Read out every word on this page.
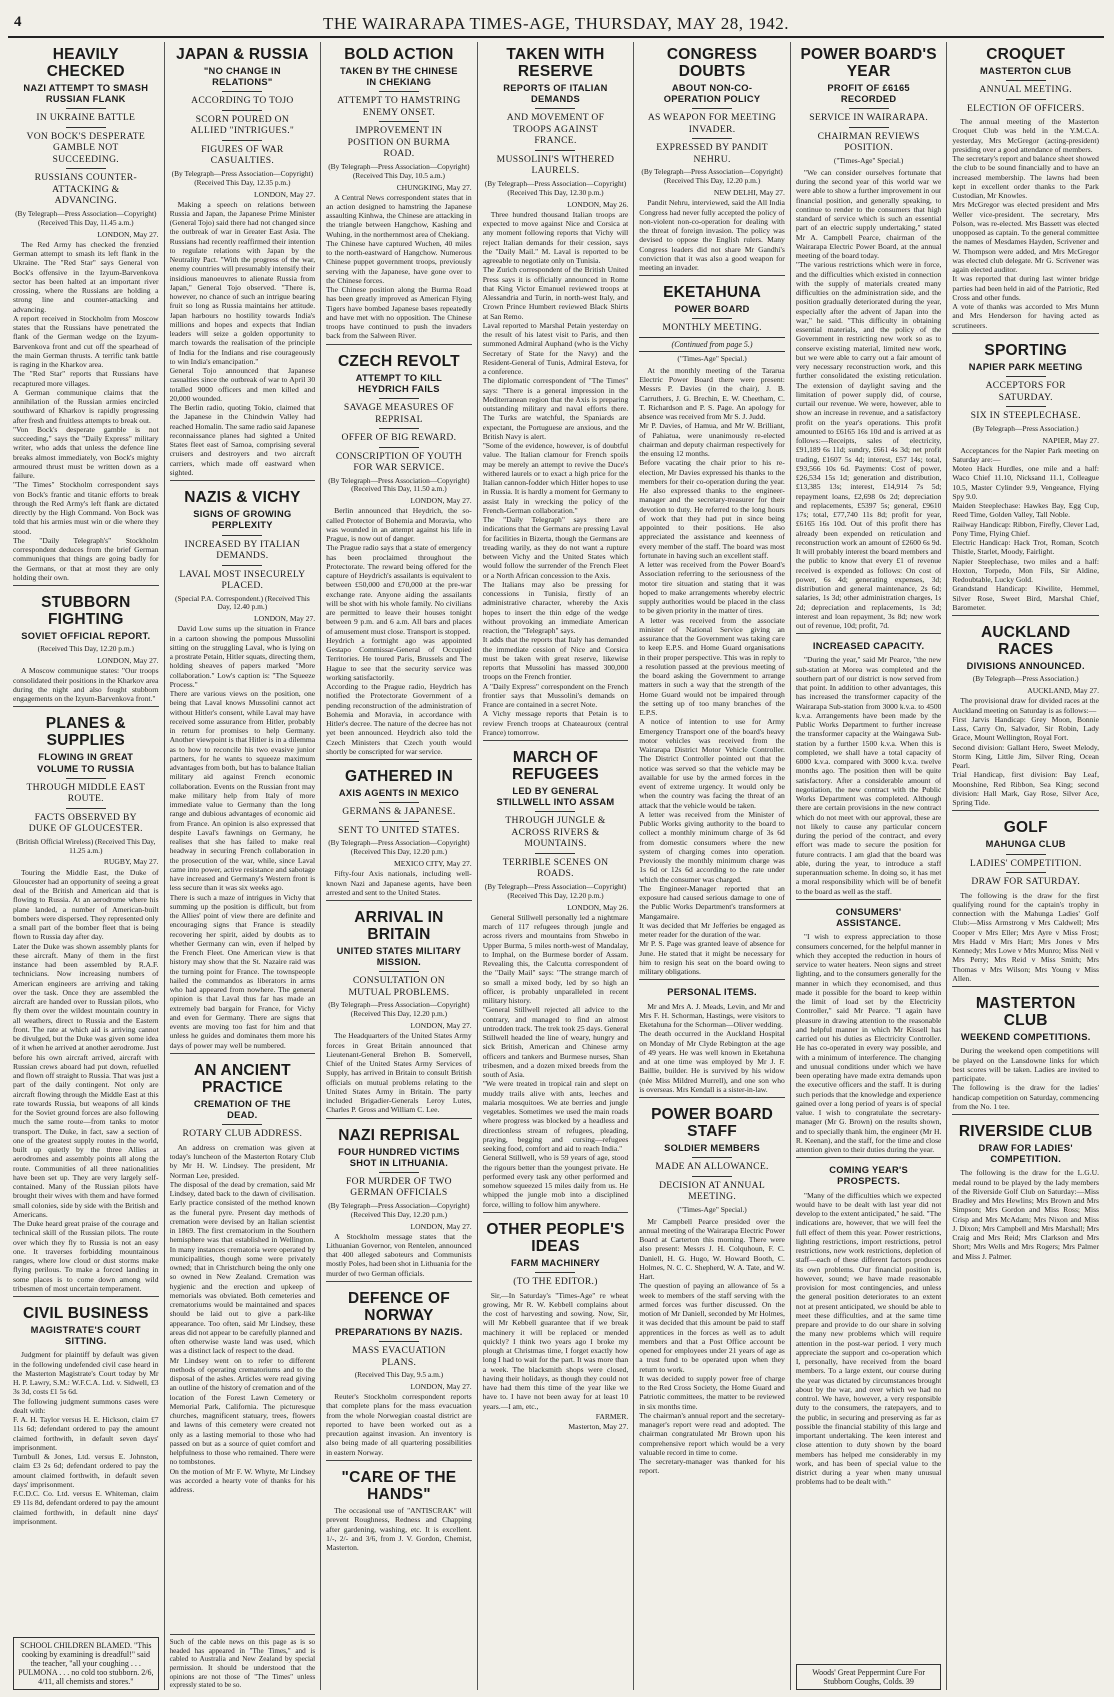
4	THE WAIRARAPA TIMES-AGE, THURSDAY, MAY 28, 1942.
HEAVILY CHECKED
NAZI ATTEMPT TO SMASH RUSSIAN FLANK
IN UKRAINE BATTLE
VON BOCK'S DESPERATE GAMBLE NOT SUCCEEDING.
RUSSIANS COUNTER-ATTACKING & ADVANCING.
(By Telegraph—Press Association—Copyright) (Received This Day, 11.45 a.m.)
LONDON, May 27.
The Red Army has checked the frenzied German attempt to smash its left flank in the Ukraine. The "Red Star" says General von Bock's offensive in the Izyum-Barvenkova sector has been halted at an important river crossing, where the Russians are holding a strong line and counter-attacking and advancing.
A report received in Stockholm from Moscow states that the Russians have penetrated the flank of the German wedge on the Izyum-Barvenkova front and cut off the spearhead of the main German thrusts. A terrific tank battle is raging in the Kharkov area.
The "Red Star" reports that Russians have recaptured more villages.
A German communique claims that the annihilation of the Russian armies encircled southward of Kharkov is rapidly progressing after fresh and fruitless attempts to break out.
"Von Bock's desperate gamble is not succeeding," says the "Daily Express" military writer, who adds that unless the defence line breaks almost immediately, von Bock's mighty armoured thrust must be written down as a failure.
"The Times" Stockholm correspondent says von Bock's frantic and titanic efforts to break through the Red Army's left flank are dictated directly by the High Command. Von Bock was told that his armies must win or die where they stood.
The "Daily Telegraph's" Stockholm correspondent deduces from the brief German communiques that things are going badly for the Germans, or that at most they are only holding their own.
STUBBORN FIGHTING
SOVIET OFFICIAL REPORT.
(Received This Day, 12.20 p.m.)
LONDON, May 27.
A Moscow communique states: "Our troops consolidated their positions in the Kharkov area during the night and also fought stubborn engagements on the Izyum-Barvenkova front."
PLANES & SUPPLIES
FLOWING IN GREAT VOLUME TO RUSSIA
THROUGH MIDDLE EAST ROUTE.
FACTS OBSERVED BY DUKE OF GLOUCESTER.
(British Official Wireless) (Received This Day, 11.25 a.m.)
RUGBY, May 27.
Touring the Middle East, the Duke of Gloucester had an opportunity of seeing a great deal of the British and American aid that is flowing to Russia. At an aerodrome where his plane landed, a number of American-built bombers were dispersed. They represented only a small part of the bomber fleet that is being flown to Russia day after day.
Later the Duke was shown assembly plants for these aircraft. Many of them in the first instance had been assembled by R.A.F. technicians. Now increasing numbers of American engineers are arriving and taking over the task. Once they are assembled the aircraft are handed over to Russian pilots, who fly them over the wildest mountain country in all weathers, direct to Russia and the Eastern front. The rate at which aid is arriving cannot be divulged, but the Duke was given some idea of it when he arrived at another aerodrome. Just before his own aircraft arrived, aircraft with Russian crews aboard had put down, refuelled and flown off straight to Russia. That was just a part of the daily contingent. Not only are aircraft flowing through the Middle East at this rate towards Russia, but weapons of all kinds for the Soviet ground forces are also following much the same route—from tanks to motor transport. The Duke, in fact, saw a section of one of the greatest supply routes in the world, built up quietly by the three Allies at aerodromes and assembly points all along the route. Communities of all three nationalities have been set up. They are very largely self-contained. Many of the Russian pilots have brought their wives with them and have formed small colonies, side by side with the British and Americans.
The Duke heard great praise of the courage and technical skill of the Russian pilots. The route over which they fly to Russia is not an easy one. It traverses forbidding mountainous ranges, where low cloud or dust storms make flying perilous. To make a forced landing in some places is to come down among wild tribesmen of most uncertain temperament.
CIVIL BUSINESS
MAGISTRATE'S COURT SITTING.
Judgment for plaintiff by default was given in the following undefended civil case heard in the Masterton Magistrate's Court today by Mr H. P. Lawry, S.M.: W.F.C.A. Ltd. v. Sidwell, £3 3s 3d, costs £1 5s 6d.
The following judgment summons cases were dealt with:
F. A. H. Taylor versus H. E. Hickson, claim £7 11s 6d; defendant ordered to pay the amount claimed forthwith, in default seven days' imprisonment.
Turnbull & Jones, Ltd. versus E. Johnston, claim £3 2s 6d; defendant ordered to pay the amount claimed forthwith, in default seven days' imprisonment.
F.C.D.C. Co. Ltd. versus E. Whiteman, claim £9 11s 8d, defendant ordered to pay the amount claimed forthwith, in default nine days' imprisonment.
SCHOOL CHILDREN BLAMED. "This cooking by examining is dreadful!" said the teacher, "all your coughing . . . PULMONA . . . no cold too stubborn. 2/6, 4/11, all chemists and stores."
JAPAN & RUSSIA
"NO CHANGE IN RELATIONS"
ACCORDING TO TOJO
SCORN POURED ON ALLIED "INTRIGUES."
FIGURES OF WAR CASUALTIES.
(By Telegraph—Press Association—Copyright) (Received This Day, 12.35 p.m.)
LONDON, May 27.
Making a speech on relations between Russia and Japan, the Japanese Prime Minister (General Tojo) said there had not changed since the outbreak of war in Greater East Asia. The Russians had recently reaffirmed their intention to regulate relations with Japan by the Neutrality Pact. "With the progress of the war, enemy countries will presumably intensify their insidious manoeuvres to alienate Russia from Japan," General Tojo observed. "There is, however, no chance of such an intrigue bearing fruit so long as Russia maintains her attitude. Japan harbours no hostility towards India's millions and hopes and expects that Indian leaders will seize a golden opportunity to march towards the realisation of the principle of India for the Indians and rise courageously to win India's emancipation."
General Tojo announced that Japanese casualties since the outbreak of war to April 30 totalled 9000 officers and men killed and 20,000 wounded.
The Berlin radio, quoting Tokio, claimed that the Japanese in the Chindwin Valley had reached Homalin. The same radio said Japanese reconnaissance planes had sighted a United States fleet east of Samoa, comprising several cruisers and destroyers and two aircraft carriers, which made off eastward when sighted.
NAZIS & VICHY
SIGNS OF GROWING PERPLEXITY
INCREASED BY ITALIAN DEMANDS.
LAVAL MOST INSECURELY PLACED.
(Special P.A. Correspondent.) (Received This Day, 12.40 p.m.)
LONDON, May 27.
David Low sums up the situation in France in a cartoon showing the pompous Mussolini sitting on the struggling Laval, who is lying on a prostrate Petain, Hitler squats, directing them, holding sheaves of papers marked "More collaboration." Low's caption is: "The Squeeze Process."
There are various views on the position, one being that Laval knows Mussolini cannot act without Hitler's consent, while Laval may have received some assurance from Hitler, probably in return for promises to help Germany. Another viewpoint is that Hitler is in a dilemma as to how to reconcile his two evasive junior partners, for he wants to squeeze maximum advantages from both, but has to balance Italian military aid against French economic collaboration. Events on the Russian front may make military help from Italy of more immediate value to Germany than the long range and dubious advantages of economic aid from France. An opinion is also expressed that despite Laval's fawnings on Germany, he realises that she has failed to make real headway in securing French collaboration in the prosecution of the war, while, since Laval came into power, active resistance and sabotage have increased and Germany's Western front is less secure than it was six weeks ago.
There is such a maze of intrigues in Vichy that summing up the position is difficult, but from the Allies' point of view there are definite and encouraging signs that France is steadily recovering her spirit, aided by doubts as to whether Germany can win, even if helped by the French Fleet. One American view is that history may show that the St. Nazaire raid was the turning point for France. The townspeople hailed the commandos as liberators in arms who had appeared from nowhere. The general opinion is that Laval thus far has made an extremely bad bargain for France, for Vichy and even for Germany. There are signs that events are moving too fast for him and that unless he guides and dominates them more his days of power may well be numbered.
AN ANCIENT PRACTICE
CREMATION OF THE DEAD.
ROTARY CLUB ADDRESS.
An address on cremation was given at today's luncheon of the Masterton Rotary Club by Mr H. W. Lindsey. The president, Mr Norman Lee, presided.
The disposal of the dead by cremation, said Mr Lindsey, dated back to the dawn of civilisation. Early practice consisted of the method known as the funeral pyre. Present day methods of cremation were devised by an Italian scientist in 1869. The first crematorium in the Southern hemisphere was that established in Wellington. In many instances crematoria were operated by municipalities, though some were privately owned; that in Christchurch being the only one so owned in New Zealand. Cremation was hygienic and the erection and upkeep of memorials was obviated. Both cemeteries and crematoriums would be maintained and spaces should be laid out to give a park-like appearance. Too often, said Mr Lindsey, these areas did not appear to be carefully planned and often otherwise waste land was used, which was a distinct lack of respect to the dead.
Mr Lindsey went on to refer to different methods of operating crematoriums and to the disposal of the ashes. Articles were read giving an outline of the history of cremation and of the location of the Forest Lawn Cemetery or Memorial Park, California. The picturesque churches, magnificent statuary, trees, flowers and lawns of this cemetery were created not only as a lasting memorial to those who had passed on but as a source of quiet comfort and helpfulness to those who remained. There were no tombstones.
On the motion of Mr F. W. Whyte, Mr Lindsey was accorded a hearty vote of thanks for his address.
Such of the cable news on this page as is so headed has appeared in "The Times," and is cabled to Australia and New Zealand by special permission. It should be understood that the opinions are not those of "The Times" unless expressly stated to be so.
BOLD ACTION
TAKEN BY THE CHINESE IN CHEKIANG
ATTEMPT TO HAMSTRING ENEMY ONSET.
IMPROVEMENT IN POSITION ON BURMA ROAD.
(By Telegraph—Press Association—Copyright) (Received This Day, 10.5 a.m.)
CHUNGKING, May 27.
A Central News correspondent states that in an action designed to hamstring the Japanese assaulting Kinhwa, the Chinese are attacking in the triangle between Hangchow, Kashing and Wuhing, in the northernmost area of Chekiang.
The Chinese have captured Wuchen, 40 miles to the north-eastward of Hangchow. Numerous Chinese puppet government troops, previously serving with the Japanese, have gone over to the Chinese forces.
The Chinese position along the Burma Road has been greatly improved as American Flying Tigers have bombed Japanese bases repeatedly and have met with no opposition. The Chinese troops have continued to push the invaders back from the Salween River.
CZECH REVOLT
ATTEMPT TO KILL HEYDRICH FAILS
SAVAGE MEASURES OF REPRISAL
OFFER OF BIG REWARD.
CONSCRIPTION OF YOUTH FOR WAR SERVICE.
(By Telegraph—Press Association—Copyright) (Received This Day, 11.50 a.m.)
LONDON, May 27.
Berlin announced that Heydrich, the so-called Protector of Bohemia and Moravia, who was wounded in an attempt against his life in Prague, is now out of danger.
The Prague radio says that a state of emergency has been proclaimed throughout the Protectorate. The reward being offered for the capture of Heydrich's assailants is equivalent to between £50,000 and £70,000 at the pre-war exchange rate. Anyone aiding the assailants will be shot with his whole family. No civilians are permitted to leave their houses tonight between 9 p.m. and 6 a.m. All bars and places of amusement must close. Transport is stopped.
Heydrich a fortnight ago was appointed Gestapo Commissar-General of Occupied Territories. He toured Paris, Brussels and The Hague to see that the security service was working satisfactorily.
According to the Prague radio, Heydrich has notified the Protectorate Government of a pending reconstruction of the administration of Bohemia and Moravia, in accordance with Hitler's decree. The nature of the decree has not yet been announced. Heydrich also told the Czech Ministers that Czech youth would shortly be conscripted for war service.
GATHERED IN
AXIS AGENTS IN MEXICO
GERMANS & JAPANESE.
SENT TO UNITED STATES.
(By Telegraph—Press Association—Copyright) (Received This Day, 12.20 p.m.)
MEXICO CITY, May 27.
Fifty-four Axis nationals, including well-known Nazi and Japanese agents, have been arrested and sent to the United States.
ARRIVAL IN BRITAIN
UNITED STATES MILITARY MISSION.
CONSULTATION ON MUTUAL PROBLEMS.
(By Telegraph—Press Association—Copyright) (Received This Day, 12.20 p.m.)
LONDON, May 27.
The Headquarters of the United States Army forces in Great Britain announced that Lieutenant-General Brehon B. Somervell, Chief of the United States Army Services of Supply, has arrived in Britain to consult British officials on mutual problems relating to the United States Army in Britain. The party included Brigadier-Generals Leroy Lutes, Charles P. Gross and William C. Lee.
NAZI REPRISAL
FOUR HUNDRED VICTIMS SHOT IN LITHUANIA.
FOR MURDER OF TWO GERMAN OFFICIALS
(By Telegraph—Press Association—Copyright) (Received This Day, 12.20 p.m.)
LONDON, May 27.
A Stockholm message states that the Lithuanian Governor, von Rentelen, announced that 400 alleged saboteurs and Communists mostly Poles, had been shot in Lithuania for the murder of two German officials.
DEFENCE OF NORWAY
PREPARATIONS BY NAZIS.
MASS EVACUATION PLANS.
(Received This Day, 9.5 a.m.)
LONDON, May 27.
Reuter's Stockholm correspondent reports that complete plans for the mass evacuation from the whole Norwegian coastal district are reported to have been worked out as a precaution against invasion. An inventory is also being made of all quartering possibilities in eastern Norway.
"CARE OF THE HANDS"
The occasional use of "ANTISCRAK" will prevent Roughness, Redness and Chapping after gardening, washing, etc. It is excellent. 1/-, 2/- and 3/6, from J. V. Gordon, Chemist, Masterton.
TAKEN WITH RESERVE
REPORTS OF ITALIAN DEMANDS
AND MOVEMENT OF TROOPS AGAINST FRANCE.
MUSSOLINI'S WITHERED LAURELS.
(By Telegraph—Press Association—Copyright) (Received This Day, 12.30 p.m.)
LONDON, May 26.
Three hundred thousand Italian troops are expected to move against Nice and Corsica at any moment following reports that Vichy will reject Italian demands for their cession, says the "Daily Mail." M. Laval is reported to be agreeable to negotiate only on Tunisia.
The Zurich correspondent of the British United Press says it is officially announced in Rome that King Victor Emanuel reviewed troops at Alessandria and Turin, in north-west Italy, and Crown Prince Humbert reviewed Black Shirts at San Remo.
Laval reported to Marshal Petain yesterday on the result of his latest visit to Paris, and then summoned Admiral Auphand (who is the Vichy Secretary of State for the Navy) and the Resident-General of Tunis, Admiral Esteva, for a conference.
The diplomatic correspondent of "The Times" says: "There is a general impression in the Mediterranean region that the Axis is preparing outstanding military and naval efforts there. The Turks are watchful, the Spaniards are expectant, the Portuguese are anxious, and the British Navy is alert.
"Some of the evidence, however, is of doubtful value. The Italian clamour for French spoils may be merely an attempt to revive the Duce's withered laurels or to exact a high price for the Italian cannon-fodder which Hitler hopes to use in Russia. It is hardly a moment for Germany to assist Italy in wrecking the policy of the French-German collaboration."
The "Daily Telegraph" says there are indications that the Germans are pressing Laval for facilities in Bizerta, though the Germans are treading warily, as they do not want a rupture between Vichy and the United States which would follow the surrender of the French Fleet or a North African concession to the Axis.
The Italians may also be pressing for concessions in Tunisia, firstly of an administrative character, whereby the Axis hopes to insert the thin edge of the wedge without provoking an immediate American reaction, the "Telegraph" says.
It adds that the reports that Italy has demanded the immediate cession of Nice and Corsica must be taken with great reserve, likewise reports that Mussolini has massed 300,000 troops on the French frontier.
A "Daily Express" correspondent on the French frontier says that Mussolini's demands on France are contained in a secret Note.
A Vichy message reports that Petain is to review French troops at Chateauroux (central France) tomorrow.
MARCH OF REFUGEES
LED BY GENERAL STILLWELL INTO ASSAM
THROUGH JUNGLE & ACROSS RIVERS & MOUNTAINS.
TERRIBLE SCENES ON ROADS.
(By Telegraph—Press Association—Copyright) (Received This Day, 12.20 p.m.)
LONDON, May 26.
General Stillwell personally led a nightmare march of 117 refugees through jungle and across rivers and mountains from Shwebo in Upper Burma, 5 miles north-west of Mandalay, to Imphal, on the Burmese border of Assam. Revealing this, the Calcutta correspondent of the "Daily Mail" says: "The strange march of so small a mixed body, led by so high an officer, is probably unparalleled in recent military history.
"General Stillwell rejected all advice to the contrary, and managed to find an almost untrodden track. The trek took 25 days. General Stillwell headed the line of weary, hungry and sick British, American and Chinese army officers and tankers and Burmese nurses, Shan tribesmen, and a dozen mixed breeds from the south of Asia.
"We were treated in tropical rain and slept on muddy trails alive with ants, leeches and malaria mosquitoes. We ate berries and jungle vegetables. Sometimes we used the main roads where progress was blocked by a headless and directionless stream of refugees, pleading, praying, begging and cursing—refugees seeking food, comfort and aid to reach India."
General Stillwell, who is 59 years of age, stood the rigours better than the youngest private. He performed every task any other performed and somehow squeezed 15 miles daily from us. He whipped the jungle mob into a disciplined force, willing to follow him anywhere.
OTHER PEOPLE'S IDEAS
FARM MACHINERY
(TO THE EDITOR.)
Sir,—In Saturday's "Times-Age" re wheat growing, Mr R. W. Kebbell complains about the cost of harvesting and sowing. Now, Sir, will Mr Kebbell guarantee that if we break machinery it will be replaced or mended quickly? I think two years ago I broke my plough at Christmas time, I forget exactly how long I had to wait for the part. It was more than a week. The blacksmith shops were closed, having their holidays, as though they could not have had them this time of the year like we have to. I have not been away for at least 10 years.—I am, etc.,
FARMER.
Masterton, May 27.
CONGRESS DOUBTS
ABOUT NON-CO-OPERATION POLICY
AS WEAPON FOR MEETING INVADER.
EXPRESSED BY PANDIT NEHRU.
(By Telegraph—Press Association—Copyright) (Received This Day, 12.20 p.m.)
NEW DELHI, May 27.
Pandit Nehru, interviewed, said the All India Congress had never fully accepted the policy of non-violent non-co-operation for dealing with the threat of foreign invasion. The policy was devised to oppose the English rulers. Many Congress leaders did not share Mr Gandhi's conviction that it was also a good weapon for meeting an invader.
EKETAHUNA
POWER BOARD
MONTHLY MEETING.
(Continued from page 5.)
("Times-Age" Special.)
At the monthly meeting of the Tararua Electric Power Board there were present: Messrs P. Davies (in the chair), J. B. Carruthers, J. G. Brechin, E. W. Cheetham, C. T. Richardson and P. S. Page. An apology for absence was received from Mr S. J. Judd.
Mr P. Davies, of Hamua, and Mr W. Brilliant, of Pahiatua, were unanimously re-elected chairman and deputy chairman respectively for the ensuing 12 months.
Before vacating the chair prior to his re-election, Mr Davies expressed his thanks to the members for their co-operation during the year. He also expressed thanks to the engineer-manager and the secretary-treasurer for their devotion to duty. He referred to the long hours of work that they had put in since being appointed to their positions. He also appreciated the assistance and keenness of every member of the staff. The board was most fortunate in having such an excellent staff.
A letter was received from the Power Board's Association referring to the seriousness of the motor tire situation and stating that it was hoped to make arrangements whereby electric supply authorities would be placed in the class to be given priority in the matter of tires.
A letter was received from the associate minister of National Service giving an assurance that the Government was taking care to keep E.P.S. and Home Guard organisations in their proper perspective. This was in reply to a resolution passed at the previous meeting of the board asking the Government to arrange matters in such a way that the strength of the Home Guard would not be impaired through the setting up of too many branches of the E.P.S.
A notice of intention to use for Army Emergency Transport one of the board's heavy motor vehicles was received from the Wairarapa District Motor Vehicle Controller. The District Controller pointed out that the notice was served so that the vehicle may be available for use by the armed forces in the event of extreme urgency. It would only be when the country was facing the threat of an attack that the vehicle would be taken.
A letter was received from the Minister of Public Works giving authority to the board to collect a monthly minimum charge of 3s 6d from domestic consumers where the new system of charging comes into operation. Previously the monthly minimum charge was 1s 6d or 12s 6d according to the rate under which the consumer was charged.
The Engineer-Manager reported that an exposure had caused serious damage to one of the Public Works Department's transformers at Mangamaire.
It was decided that Mr Jefferies be engaged as meter reader for the duration of the war.
Mr P. S. Page was granted leave of absence for June. He stated that it might be necessary for him to resign his seat on the board owing to military obligations.
PERSONAL ITEMS.
Mr and Mrs A. J. Meads, Levin, and Mr and Mrs F. H. Schorman, Hastings, were visitors to Eketahuna for the Schorman—Oliver wedding.
The death occurred in the Auckland Hospital on Monday of Mr Clyde Rebington at the age of 49 years. He was well known in Eketahuna and at one time was employed by Mr J. F. Baillie, builder. He is survived by his widow (née Miss Mildred Murrell), and one son who is overseas. Mrs Kendall is a sister-in-law.
POWER BOARD STAFF
SOLDIER MEMBERS
MADE AN ALLOWANCE.
DECISION AT ANNUAL MEETING.
("Times-Age" Special.)
Mr Campbell Pearce presided over the annual meeting of the Wairarapa Electric Power Board at Carterton this morning. There were also present: Messrs J. H. Colquhoun, F. C. Daniell, H. G. Hugo, W. Howard Booth, C. Holmes, N. C. C. Shepherd, W. A. Tate, and W. Hart.
The question of paying an allowance of 5s a week to members of the staff serving with the armed forces was further discussed. On the motion of Mr Daniell, seconded by Mr Holmes, it was decided that this amount be paid to staff apprentices in the forces as well as to adult members and that a Post Office account be opened for employees under 21 years of age as a trust fund to be operated upon when they return to work.
It was decided to supply power free of charge to the Red Cross Society, the Home Guard and Patriotic committees, the matter to be reviewed in six months time.
The chairman's annual report and the secretary-manager's report were read and adopted. The chairman congratulated Mr Brown upon his comprehensive report which would be a very valuable record in time to come.
The secretary-manager was thanked for his report.
POWER BOARD'S YEAR
PROFIT OF £6165 RECORDED
SERVICE IN WAIRARAPA.
CHAIRMAN REVIEWS POSITION.
("Times-Age" Special.)
"We can consider ourselves fortunate that during the second year of this world war we were able to show a further improvement in our financial position, and generally speaking, to continue to render to the consumers that high standard of service which is such an essential part of an electric supply undertaking," stated Mr A. Campbell Pearce, chairman of the Wairarapa Electric Power Board, at the annual meeting of the board today.
"The various restrictions which were in force, and the difficulties which existed in connection with the supply of materials created many difficulties on the administration side, and the position gradually deteriorated during the year, especially after the advent of Japan into the war," he said. "This difficulty in obtaining essential materials, and the policy of the Government in restricting new work so as to conserve existing material, limited new work, but we were able to carry out a fair amount of very necessary reconstruction work, and this further consolidated the existing reticulation. The extension of daylight saving and the limitation of power supply did, of course, curtail our revenue. We were, however, able to show an increase in revenue, and a satisfactory profit on the year's operations. This profit amounted to £6165 16s 10d and is arrived at as follows:—Receipts, sales of electricity, £91,189 6s 11d; sundry, £661 4s 3d; net profit trading, £1607 5s 4d; interest, £57 14s; total, £93,566 10s 6d. Payments: Cost of power, £26,534 15s 1d; generation and distribution, £13,385 13s; interest, £14,914 7s 5d; repayment loans, £2,698 0s 2d; depreciation and replacements, £5397 5s; general, £9610 17s; total, £77,740 11s 8d; profit for year, £6165 16s 10d. Out of this profit there has already been expended on reticulation and reconstruction work an amount of £2600 6s 9d. It will probably interest the board members and the public to know that every £1 of revenue received is expended as follows: On cost of power, 6s 4d; generating expenses, 3d; distribution and general maintenance, 2s 6d; salaries, 1s 3d; other administration charges, 1s 2d; depreciation and replacements, 1s 3d; interest and loan repayment, 3s 8d; new work out of revenue, 10d; profit, 7d.
INCREASED CAPACITY.
"During the year," said Mr Pearce, "the new sub-station at Morea was completed and the southern part of our district is now served from that point. In addition to other advantages, this has increased the transformer capacity of the Wairarapa Sub-station from 3000 k.v.a. to 4500 k.v.a. Arrangements have been made by the Public Works Department to further increase the transformer capacity at the Waingawa Sub-station by a further 1500 k.v.a. When this is completed, we shall have a total capacity of 6000 k.v.a. compared with 3000 k.v.a. twelve months ago. The position then will be quite satisfactory. After a considerable amount of negotiation, the new contract with the Public Works Department was completed. Although there are certain provisions in the new contract which do not meet with our approval, these are not likely to cause any particular concern during the period of the contract, and every effort was made to secure the position for future contracts. I am glad that the board was able, during the year, to introduce a staff superannuation scheme. In doing so, it has met a moral responsibility which will be of benefit to the board as well as the staff.
CONSUMERS' ASSISTANCE.
"I wish to express appreciation to those consumers concerned, for the helpful manner in which they accepted the reduction in hours of service to water heaters. Neon signs and street lighting, and to the consumers generally for the manner in which they economised, and thus made it possible for the board to keep within the limit of load set by the Electricity Controller," said Mr Pearce. "I again have pleasure in drawing attention to the reasonable and helpful manner in which Mr Kissell has carried out his duties as Electricity Controller. He has co-operated in every way possible, and with a minimum of interference. The changing and unusual conditions under which we have been operating have made extra demands upon the executive officers and the staff. It is during such periods that the knowledge and experience gained over a long period of years is of special value. I wish to congratulate the secretary-manager (Mr G. Brown) on the results shown, and to specially thank him, the engineer (Mr H. R. Keenan), and the staff, for the time and close attention given to their duties during the year.
COMING YEAR'S PROSPECTS.
"Many of the difficulties which we expected would have to be dealt with last year did not develop to the extent anticipated," he said. "The indications are, however, that we will feel the full effect of them this year. Power restrictions, lighting restrictions, import restrictions, petrol restrictions, new work restrictions, depletion of staff—each of these different factors produces its own problems. Our financial position is, however, sound; we have made reasonable provision for most contingencies, and unless the general position deteriorates to an extent not at present anticipated, we should be able to meet these difficulties, and at the same time prepare and provide to do our share in solving the many new problems which will require attention in the post-war period. I very much appreciate the support and co-operation which I, personally, have received from the board members. To a large extent, our course during the year was dictated by circumstances brought about by the war, and over which we had no control. We have, however, a very responsible duty to the consumers, the ratepayers, and to the public, in securing and preserving as far as possible the financial stability of this large and important undertaking. The keen interest and close attention to duty shown by the board members has helped me considerably in my work, and has been of special value to the district during a year when many unusual problems had to be dealt with."
Woods' Great Peppermint Cure For Stubborn Coughs, Colds. 39
CROQUET
MASTERTON CLUB
ANNUAL MEETING.
ELECTION OF OFFICERS.
The annual meeting of the Masterton Croquet Club was held in the Y.M.C.A. yesterday, Mrs McGregor (acting-president) presiding over a good attendance of members.
The secretary's report and balance sheet showed the club to be sound financially and to have an increased membership. The lawns had been kept in excellent order thanks to the Park Custodian, Mr Knowles.
Mrs McGregor was elected president and Mrs Weller vice-president. The secretary, Mrs Polson, was re-elected. Mrs Bassett was elected unopposed as captain. To the general committee the names of Mesdames Hayden, Scrivener and W. Thompson were added, and Mrs McGregor was elected club delegate. Mr G. Scrivener was again elected auditor.
It was reported that during last winter bridge parties had been held in aid of the Patriotic, Red Cross and other funds.
A vote of thanks was accorded to Mrs Munn and Mrs Henderson for having acted as scrutineers.
SPORTING
NAPIER PARK MEETING
ACCEPTORS FOR SATURDAY.
SIX IN STEEPLECHASE.
(By Telegraph—Press Association.)
NAPIER, May 27.
Acceptances for the Napier Park meeting on Saturday are:—
Moteo Hack Hurdles, one mile and a half: Waco Chief 11.10, Nicksand 11.1, Colleague 10.5, Master Cylinder 9.9, Vengeance, Flying Spy 9.0.
Maiden Steeplechase: Hawkes Bay, Egg Cup, Reed Time, Golden Valley, Tall Noble.
Railway Handicap: Ribbon, Firefly, Clever Lad, Pony Time, Flying Chief.
Electric Handicap: Hack Trot, Roman, Scotch Thistle, Starlet, Moody, Fairlight.
Napier Steeplechase, two miles and a half: Hoxton, Torpedo, Mon Fils, Sir Aldine, Redoubtable, Lucky Gold.
Grandstand Handicap: Kiwilite, Hemmel, Silver Rose, Sweet Bird, Marshal Chief, Barometer.
AUCKLAND RACES
DIVISIONS ANNOUNCED.
(By Telegraph—Press Association.)
AUCKLAND, May 27.
The provisional draw for divided races at the Auckland meeting on Saturday is as follows:—
First Jarvis Handicap: Grey Moon, Bonnie Lass, Carry On, Salvador, Sir Robin, Lady Grace, Mount Wellington, Royal Fort.
Second division: Gallant Hero, Sweet Melody, Storm King, Little Jim, Silver Ring, Ocean Pearl.
Trial Handicap, first division: Bay Leaf, Moonshine, Red Ribbon, Sea King; second division: Hall Mark, Gay Rose, Silver Ace, Spring Tide.
GOLF
MAHUNGA CLUB
LADIES' COMPETITION.
DRAW FOR SATURDAY.
The following is the draw for the first qualifying round for the captain's trophy in connection with the Mahunga Ladies' Golf Club:—Miss Armstrong v Mrs Caldwell; Mrs Cooper v Mrs Eller; Mrs Ayre v Miss Frost; Mrs Hadd v Mrs Hart; Mrs Jones v Mrs Kennedy; Mrs Lowe v Mrs Munro; Miss Neil v Mrs Perry; Mrs Reid v Miss Smith; Mrs Thomas v Mrs Wilson; Mrs Young v Miss Allen.
MASTERTON CLUB
WEEKEND COMPETITIONS.
During the weekend open competitions will be played on the Lansdowne links for which best scores will be taken. Ladies are invited to participate.
The following is the draw for the ladies' handicap competition on Saturday, commencing from the No. 1 tee.
RIVERSIDE CLUB
DRAW FOR LADIES' COMPETITION.
The following is the draw for the L.G.U. medal round to be played by the lady members of the Riverside Golf Club on Saturday:—Miss Bradley and Mrs Hewlins; Mrs Brown and Mrs Simpson; Mrs Gordon and Miss Ross; Miss Crisp and Mrs McAdam; Mrs Nixon and Miss J. Dixon; Mrs Campbell and Mrs Marshall; Mrs Craig and Mrs Reid; Mrs Clarkson and Mrs Short; Mrs Wells and Mrs Rogers; Mrs Palmer and Miss J. Palmer.
